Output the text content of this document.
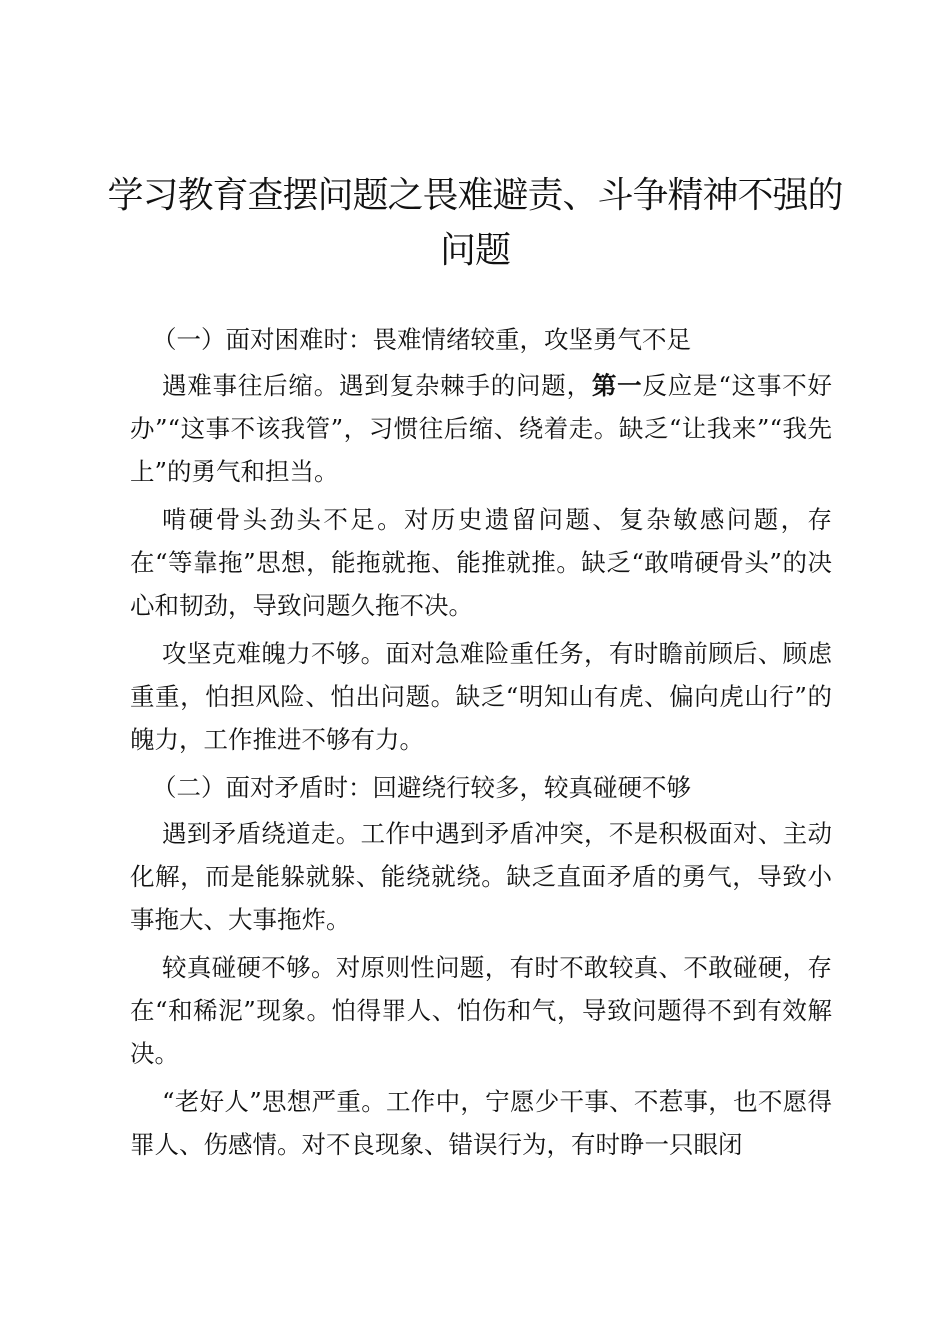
学习教育查摆问题之畏难避责、斗争精神不强的问题

（一）面对困难时：畏难情绪较重，攻坚勇气不足

遇难事往后缩。遇到复杂棘手的问题，第一反应是“这事不好办”“这事不该我管”，习惯往后缩、绕着走。缺乏“让我来”“我先上”的勇气和担当。

啃硬骨头劲头不足。对历史遗留问题、复杂敏感问题，存在“等靠拖”思想，能拖就拖、能推就推。缺乏“敢啃硬骨头”的决心和韧劲，导致问题久拖不决。

攻坚克难魄力不够。面对急难险重任务，有时瞻前顾后、顾虑重重，怕担风险、怕出问题。缺乏“明知山有虎、偏向虎山行”的魄力，工作推进不够有力。

（二）面对矛盾时：回避绕行较多，较真碰硬不够

遇到矛盾绕道走。工作中遇到矛盾冲突，不是积极面对、主动化解，而是能躲就躲、能绕就绕。缺乏直面矛盾的勇气，导致小事拖大、大事拖炸。

较真碰硬不够。对原则性问题，有时不敢较真、不敢碰硬，存在“和稀泥”现象。怕得罪人、怕伤和气，导致问题得不到有效解决。

“老好人”思想严重。工作中，宁愿少干事、不惹事，也不愿得罪人、伤感情。对不良现象、错误行为，有时睁一只眼闭
